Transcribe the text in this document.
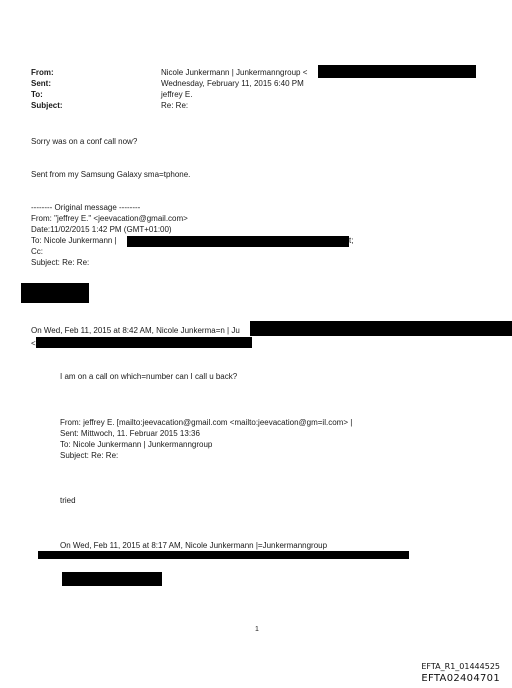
From:
Sent:
To:
Subject:
Nicole Junkermann | Junkermanngroup <
Wednesday, February 11, 2015 6:40 PM
jeffrey E.
Re: Re:
Sorry was on a conf call now?
Sent from my Samsung Galaxy sma=tphone.
-------- Original message --------
From: "jeffrey E." <jeevacation@gmail.com>
Date:11/02/2015 1:42 PM (GMT+01:00)
To: Nicole Junkermann |	t;
Cc:
Subject: Re: Re:
On Wed, Feb 11, 2015 at 8:42 AM, Nicole Junkerma=n | Ju
<
I am on a call on which=number can I call u back?
From: jeffrey E. [mailto:jeevacation@gmail.com <mailto:jeevacation@gm=il.com> |
Sent: Mittwoch, 11. Februar 2015 13:36
To: Nicole Junkermann | Junkermanngroup
Subject: Re: Re:
tried
On Wed, Feb 11, 2015 at 8:17 AM, Nicole Junkermann |=Junkermanngroup
1
EFTA_R1_01444525
EFTA02404701
